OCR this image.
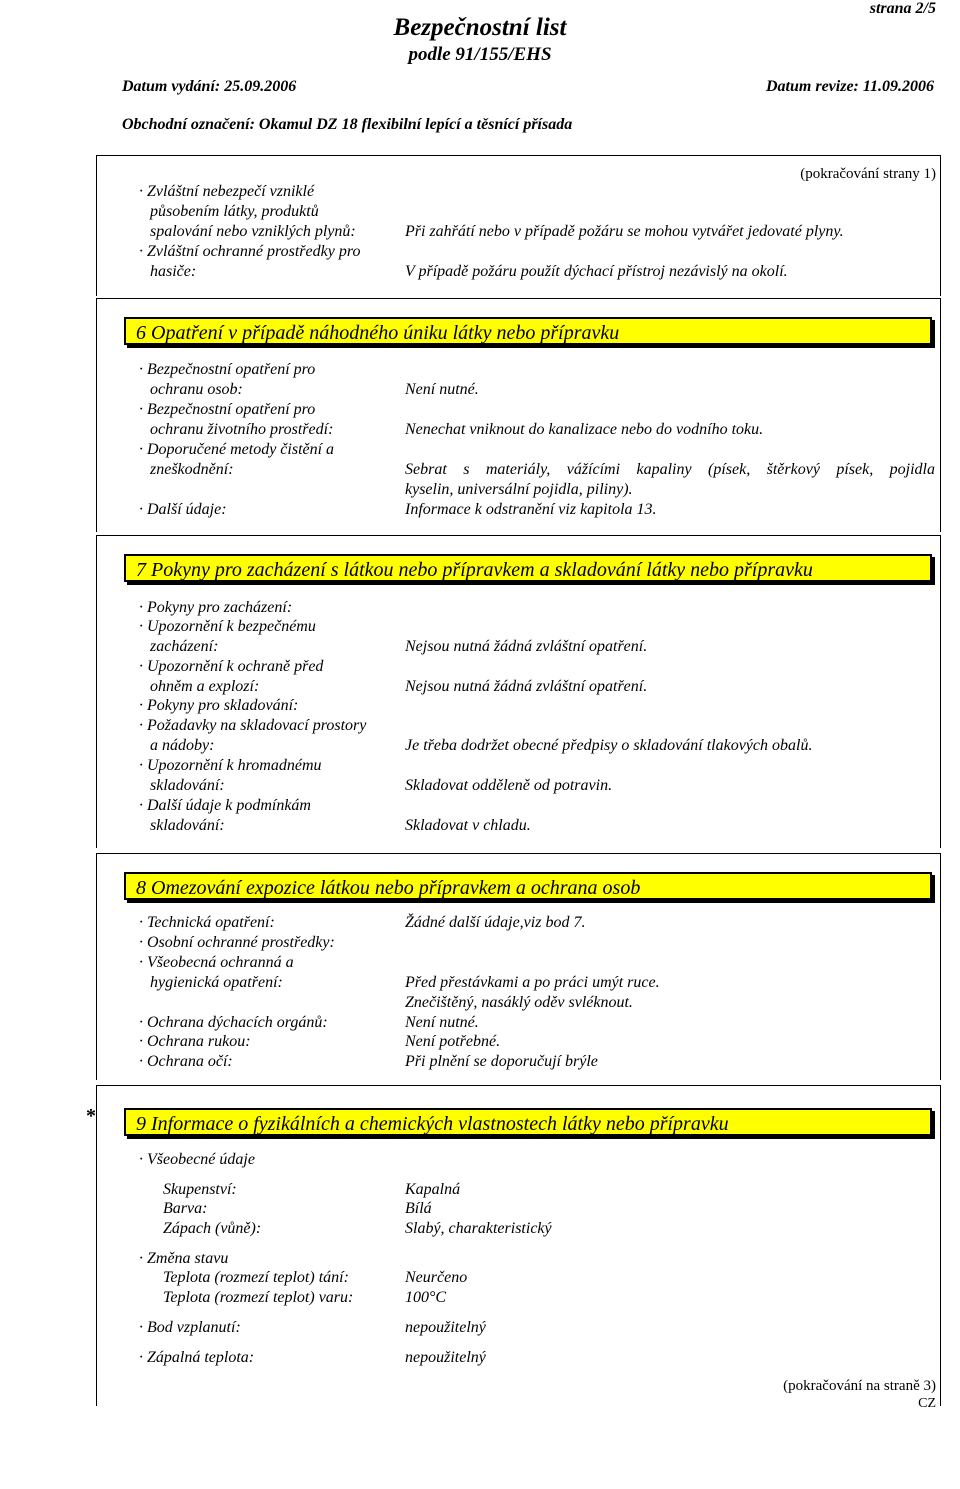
Bezpečnostní list
podle 91/155/EHS
strana 2/5
Datum vydání: 25.09.2006	Datum revize: 11.09.2006
Obchodní označení: Okamul DZ 18 flexibilní lepící a těsnící přísada
(pokračování strany 1)
· Zvláštní nebezpečí vzniklé
působením látky, produktů
spalování nebo vzniklých plynů:	Při zahřátí nebo v případě požáru se mohou vytvářet jedovaté plyny.
· Zvláštní ochranné prostředky pro
hasiče:	V případě požáru použít dýchací přístroj nezávislý na okolí.
6 Opatření v případě náhodného úniku látky nebo přípravku
· Bezpečnostní opatření pro
ochranu osob:	Není nutné.
· Bezpečnostní opatření pro
ochranu životního prostředí:	Nenechat vniknout do kanalizace nebo do vodního toku.
· Doporučené metody čistění a
zneškodnění:	Sebrat s materiály, vážícími kapaliny (písek, štěrkový písek, pojidla
kyselin, universální pojidla, piliny).
· Další údaje:	Informace k odstranění viz kapitola 13.
7 Pokyny pro zacházení s látkou nebo přípravkem a skladování látky nebo přípravku
· Pokyny pro zacházení:
· Upozornění k bezpečnému
zacházení:	Nejsou nutná žádná zvláštní opatření.
· Upozornění k ochraně před
ohněm a explozí:	Nejsou nutná žádná zvláštní opatření.
· Pokyny pro skladování:
· Požadavky na skladovací prostory
a nádoby:	Je třeba dodržet obecné předpisy o skladování tlakových obalů.
· Upozornění k hromadnému
skladování:	Skladovat odděleně od potravin.
· Další údaje k podmínkám
skladování:	Skladovat v chladu.
8 Omezování expozice látkou nebo přípravkem a ochrana osob
· Technická opatření:	Žádné další údaje,viz bod 7.
· Osobní ochranné prostředky:
· Všeobecná ochranná a
hygienická opatření:	Před přestávkami a po práci umýt ruce.
Znečištěný, nasáklý oděv svléknout.
· Ochrana dýchacích orgánů:	Není nutné.
· Ochrana rukou:	Není potřebné.
· Ochrana očí:	Při plnění se doporučují brýle
*	9 Informace o fyzikálních a chemických vlastnostech látky nebo přípravku
· Všeobecné údaje
Skupenství:	Kapalná
Barva:	Bílá
Zápach (vůně):	Slabý, charakteristický
· Změna stavu
Teplota (rozmezí teplot) tání:	Neurčeno
Teplota (rozmezí teplot) varu:	100°C
· Bod vzplanutí:	nepoužitelný
· Zápalná teplota:	nepoužitelný
(pokračování na straně 3)
CZ
